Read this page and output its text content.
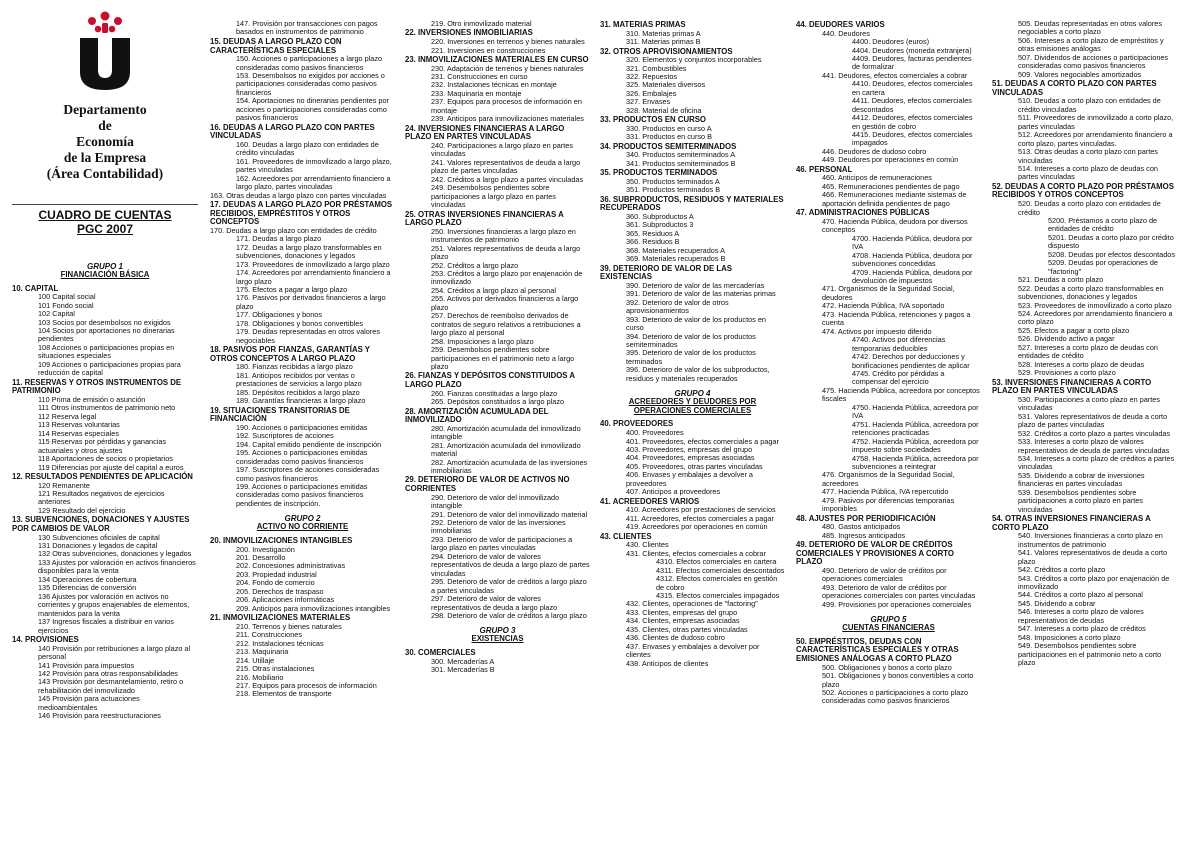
Departamento
de
Economía
de la Empresa
(Área Contabilidad)
CUADRO DE CUENTAS
PGC 2007

GRUPO 1

FINANCIACIÓN BÁSICA

10. CAPITAL

100 Capital social

101 Fondo social

102 Capital

103 Socios por desembolsos no exigidos

104 Socios por aportaciones no dinerarias pendientes

108 Acciones o participaciones propias en situaciones especiales

109 Acciones o participaciones propias para reducción de capital

11. RESERVAS Y OTROS INSTRUMENTOS DE PATRIMONIO

110 Prima de emisión o asunción

111 Otros instrumentos de patrimonio neto

112 Reserva legal

113 Reservas voluntarias

114 Reservas especiales

115 Reservas por pérdidas y ganancias actuariales y otros ajustes

118 Aportaciones de socios o propietarios

119 Diferencias por ajuste del capital a euros

12. RESULTADOS PENDIENTES DE APLICACIÓN

120 Remanente

121 Resultados negativos de ejercicios anteriores

129 Resultado del ejercicio

13. SUBVENCIONES, DONACIONES Y AJUSTES POR CAMBIOS DE VALOR

130 Subvenciones oficiales de capital

131 Donaciones y legados de capital

132 Otras subvenciones, donaciones y legados

133 Ajustes por valoración en activos financieros disponibles para la venta

134 Operaciones de cobertura

135 Diferencias de conversión

136 Ajustes por valoración en activos no corrientes y grupos enajenables de elementos, mantenidos para la venta

137 Ingresos fiscales a distribuir en varios ejercicios

14. PROVISIONES

140 Provisión por retribuciones a largo plazo al personal

141 Provisión para impuestos

142 Provisión para otras responsabilidades

143 Provisión por desmantelamiento, retiro o rehabilitación del inmovilizado

145 Provisión para actuaciones medioambientales

146 Provisión para reestructuraciones

147. Provisión por transacciones con pagos basados en instrumentos de patrimonio

15. DEUDAS A LARGO PLAZO CON CARACTERÍSTICAS ESPECIALES

150. Acciones o participaciones a largo plazo consideradas como pasivos financieros

153. Desembolsos no exigidos por acciones o participaciones consideradas como pasivos financieros

154. Aportaciones no dinerarias pendientes por acciones o participaciones consideradas como pasivos financieros

16. DEUDAS A LARGO PLAZO CON PARTES VINCULADAS

160. Deudas a largo plazo con entidades de crédito vinculadas

161. Proveedores de inmovilizado a largo plazo, partes vinculadas

162. Acreedores por arrendamiento financiero a largo plazo, partes vinculadas

163. Otras deudas a largo plazo con partes vinculadas

17. DEUDAS A LARGO PLAZO POR PRÉSTAMOS RECIBIDOS, EMPRÉSTITOS Y OTROS CONCEPTOS

170. Deudas a largo plazo con entidades de crédito

171. Deudas a largo plazo

172. Deudas a largo plazo transformables en subvenciones, donaciones y legados

173. Proveedores de inmovilizado a largo plazo

174. Acreedores por arrendamiento financiero a largo plazo

175. Efectos a pagar a largo plazo

176. Pasivos por derivados financieros a largo plazo

177. Obligaciones y bonos

178. Obligaciones y bonos convertibles

179. Deudas representadas en otros valores negociables

18. PASIVOS POR FIANZAS, GARANTÍAS Y OTROS CONCEPTOS A LARGO PLAZO

180. Fianzas recibidas a largo plazo

181. Anticipos recibidos por ventas o prestaciones de servicios a largo plazo

185. Depósitos recibidos a largo plazo

189. Garantías financieras a largo plazo

19. SITUACIONES TRANSITORIAS DE FINANCIACIÓN

190. Acciones o participaciones emitidas

192. Suscriptores de acciones

194. Capital emitido pendiente de inscripción

195. Acciones o participaciones emitidas consideradas como pasivos financieros

197. Suscriptores de acciones consideradas como pasivos financieros

199. Acciones o participaciones emitidas consideradas como pasivos financieros pendientes de inscripción.

GRUPO 2

ACTIVO NO CORRIENTE

20. INMOVILIZACIONES INTANGIBLES

200. Investigación

201. Desarrollo

202. Concesiones administrativas

203. Propiedad industrial

204. Fondo de comercio

205. Derechos de traspaso

206. Aplicaciones informáticas

209. Anticipos para inmovilizaciones intangibles

21. INMOVILIZACIONES MATERIALES

210. Terrenos y bienes naturales

211. Construcciones

212. Instalaciones técnicas

213. Maquinaria

214. Utillaje

215. Otras instalaciones

216. Mobiliario

217. Equipos para procesos de información

218. Elementos de transporte

219. Otro inmovilizado material

22. INVERSIONES INMOBILIARIAS

220. Inversiones en terrenos y bienes naturales

221. Inversiones en construcciones

23. INMOVILIZACIONES MATERIALES EN CURSO

230. Adaptación de terrenos y bienes naturales

231. Construcciones en curso

232. Instalaciones técnicas en montaje

233. Maquinaria en montaje

237. Equipos para procesos de información en montaje

239. Anticipos para inmovilizaciones materiales

24. INVERSIONES FINANCIERAS A LARGO PLAZO EN PARTES VINCULADAS

240. Participaciones a largo plazo en partes vinculadas

241. Valores representativos de deuda a largo plazo de partes vinculadas

242. Créditos a largo plazo a partes vinculadas

249. Desembolsos pendientes sobre participaciones a largo plazo en partes vinculadas

25. OTRAS INVERSIONES FINANCIERAS A LARGO PLAZO

250. Inversiones financieras a largo plazo en instrumentos de patrimonio

251. Valores representativos de deuda a largo plazo

252. Créditos a largo plazo

253. Créditos a largo plazo por enajenación de inmovilizado

254. Créditos a largo plazo al personal

255. Activos por derivados financieros a largo plazo

257. Derechos de reembolso derivados de contratos de seguro relativos a retribuciones a largo plazo al personal

258. Imposiciones a largo plazo

259. Desembolsos pendientes sobre participaciones en el patrimonio neto a largo plazo

26. FIANZAS Y DEPÓSITOS CONSTITUIDOS A LARGO PLAZO

260. Fianzas constituidas a largo plazo

265. Depósitos constituidos a largo plazo

28. AMORTIZACIÓN ACUMULADA DEL INMOVILIZADO

280. Amortización acumulada del inmovilizado intangible

281. Amortización acumulada del inmovilizado material

282. Amortización acumulada de las inversiones inmobiliarias

29. DETERIORO DE VALOR DE ACTIVOS NO CORRIENTES

290. Deterioro de valor del inmovilizado intangible

291. Deterioro de valor del inmovilizado material

292. Deterioro de valor de las inversiones inmobiliarias

293. Deterioro de valor de participaciones a largo plazo en partes vinculadas

294. Deterioro de valor de valores representativos de deuda a largo plazo de partes vinculadas

295. Deterioro de valor de créditos a largo plazo a partes vinculadas

297. Deterioro de valor de valores representativos de deuda a largo plazo

298. Deterioro de valor de créditos a largo plazo

GRUPO 3

EXISTENCIAS

30. COMERCIALES

300. Mercaderías A

301. Mercaderías B

31. MATERIAS PRIMAS

310. Materias primas A

311. Materias primas B

32. OTROS APROVISIONAMIENTOS

320. Elementos y conjuntos incorporables

321. Combustibles

322. Repuestos

325. Materiales diversos

326. Embalajes

327. Envases

328. Material de oficina

33. PRODUCTOS EN CURSO

330. Productos en curso A

331. Productos en curso B

34. PRODUCTOS SEMITERMINADOS

340. Productos semiterminados A

341. Productos semiterminados B

35. PRODUCTOS TERMINADOS

350. Productos terminados A

351. Productos terminados B

36. SUBPRODUCTOS, RESIDUOS Y MATERIALES RECUPERADOS

360. Subproductos A

361. Subproductos 3

365. Residuos A

366. Residuos B

368. Materiales recuperados A

369. Materiales recuperados B

39. DETERIORO DE VALOR DE LAS EXISTENCIAS

390. Deterioro de valor de las mercaderías

391. Deterioro de valor de las materias primas

392. Deterioro de valor de otros aprovisionamientos

393. Deterioro de valor de los productos en curso

394. Deterioro de valor de los productos semiterminados

395. Deterioro de valor de los productos terminados

396. Deterioro de valor de los subproductos, residuos y materiales recuperados

GRUPO 4

ACREEDORES Y DEUDORES POR OPERACIONES COMERCIALES

40. PROVEEDORES

400. Proveedores

401. Proveedores, efectos comerciales a pagar

403. Proveedores, empresas del grupo

404. Proveedores, empresas asociadas

405. Proveedores, otras partes vinculadas

406. Envases y embalajes a devolver a proveedores

407. Anticipos a proveedores

41. ACREEDORES VARIOS

410. Acreedores por prestaciones de servicios

411. Acreedores, efectos comerciales a pagar

419. Acreedores por operaciones en común

43. CLIENTES

430. Clientes

431. Clientes, efectos comerciales a cobrar

4310. Efectos comerciales en cartera

4311. Efectos comerciales descontados

4312. Efectos comerciales en gestión de cobro

4315. Efectos comerciales impagados

432. Clientes, operaciones de "factoring"

433. Clientes, empresas del grupo

434. Clientes, empresas asociadas

435. Clientes, otras partes vinculadas

436. Clientes de dudoso cobro

437. Envases y embalajes a devolver por clientes

438. Anticipos de clientes

44. DEUDORES VARIOS

440. Deudores

4400. Deudores (euros)

4404. Deudores (moneda extranjera)

4409. Deudores, facturas pendientes de formalizar

441. Deudores, efectos comerciales a cobrar

4410. Deudores, efectos comerciales en cartera

4411. Deudores, efectos comerciales descontados

4412. Deudores, efectos comerciales en gestión de cobro

4415. Deudores, efectos comerciales impagados

446. Deudores de dudoso cobro

449. Deudores por operaciones en común

46. PERSONAL

460. Anticipos de remuneraciones

465. Remuneraciones pendientes de pago

466. Remuneraciones mediante sistemas de aportación definida pendientes de pago

47. ADMINISTRACIONES PÚBLICAS

470. Hacienda Pública, deudora por diversos conceptos

4700. Hacienda Pública, deudora por IVA

4708. Hacienda Pública, deudora por subvenciones concedidas

4709. Hacienda Pública, deudora por devolución de impuestos

471. Organismos de la Seguridad Social, deudores

472. Hacienda Pública, IVA soportado

473. Hacienda Pública, retenciones y pagos a cuenta

474. Activos por impuesto diferido

4740. Activos por diferencias temporarias deducibles

4742. Derechos por deducciones y bonificaciones pendientes de aplicar

4745. Crédito por pérdidas a compensar del ejercicio

475. Hacienda Pública, acreedora por conceptos fiscales

4750. Hacienda Pública, acreedora por IVA

4751. Hacienda Pública, acreedora por retenciones practicadas

4752. Hacienda Pública, acreedora por impuesto sobre sociedades

4758. Hacienda Pública, acreedora por subvenciones a reintegrar

476. Organismos de la Seguridad Social, acreedores

477. Hacienda Pública, IVA repercutido

479. Pasivos por diferencias temporarias imponibles

48. AJUSTES POR PERIODIFICACIÓN

480. Gastos anticipados

485. Ingresos anticipados

49. DETERIORO DE VALOR DE CRÉDITOS COMERCIALES Y PROVISIONES A CORTO PLAZO

490. Deterioro de valor de créditos por operaciones comerciales

493. Deterioro de valor de créditos por operaciones comerciales con partes vinculadas

499. Provisiones por operaciones comerciales

GRUPO 5

CUENTAS FINANCIERAS

50. EMPRÉSTITOS, DEUDAS CON CARACTERÍSTICAS ESPECIALES Y OTRAS EMISIONES ANÁLOGAS A CORTO PLAZO

500. Obligaciones y bonos a corto plazo

501. Obligaciones y bonos convertibles a corto plazo

502. Acciones o participaciones a corto plazo consideradas como pasivos financieros

505. Deudas representadas en otros valores negociables a corto plazo

506. Intereses a corto plazo de empréstitos y otras emisiones análogas

507. Dividendos de acciones o participaciones consideradas como pasivos financieros

509. Valores negociables amortizados

51. DEUDAS A CORTO PLAZO CON PARTES VINCULADAS

510. Deudas a corto plazo con entidades de crédito vinculadas

511. Proveedores de inmovilizado a corto plazo, partes vinculadas

512. Acreedores por arrendamiento financiero a corto plazo, partes vinculadas.

513. Otras deudas a corto plazo con partes vinculadas

514. Intereses a corto plazo de deudas con partes vinculadas

52. DEUDAS A CORTO PLAZO POR PRÉSTAMOS RECIBIDOS Y OTROS CONCEPTOS

520. Deudas a corto plazo con entidades de crédito

5200. Préstamos a corto plazo de entidades de crédito

5201. Deudas a corto plazo por crédito dispuesto

5208. Deudas por efectos descontados

5209. Deudas por operaciones de "factoring"

521. Deudas a corto plazo

522. Deudas a corto plazo transformables en subvenciones, donaciones y legados

523. Proveedores de inmovilizado a corto plazo

524. Acreedores por arrendamiento financiero a corto plazo

525. Efectos a pagar a corto plazo

526. Dividendo activo a pagar

527. Intereses a corto plazo de deudas con entidades de crédito

528. Intereses a corto plazo de deudas

529. Provisiones a corto plazo

53. INVERSIONES FINANCIERAS A CORTO PLAZO EN PARTES VINCULADAS

530. Participaciones a corto plazo en partes vinculadas

531. Valores representativos de deuda a corto plazo de partes vinculadas

532. Créditos a corto plazo a partes vinculadas

533. Intereses a corto plazo de valores representativos de deuda de partes vinculadas

534. Intereses a corto plazo de créditos a partes vinculadas

535. Dividendo a cobrar de inversiones financieras en partes vinculadas

539. Desembolsos pendientes sobre participaciones a corto plazo en partes vinculadas

54. OTRAS INVERSIONES FINANCIERAS A CORTO PLAZO

540. Inversiones financieras a corto plazo en instrumentos de patrimonio

541. Valores representativos de deuda a corto plazo

542. Créditos a corto plazo

543. Créditos a corto plazo por enajenación de inmovilizado

544. Créditos a corto plazo al personal

545. Dividendo a cobrar

546. Intereses a corto plazo de valores representativos de deudas

547. Intereses a corto plazo de créditos

548. Imposiciones a corto plazo

549. Desembolsos pendientes sobre participaciones en el patrimonio neto a corto plazo
